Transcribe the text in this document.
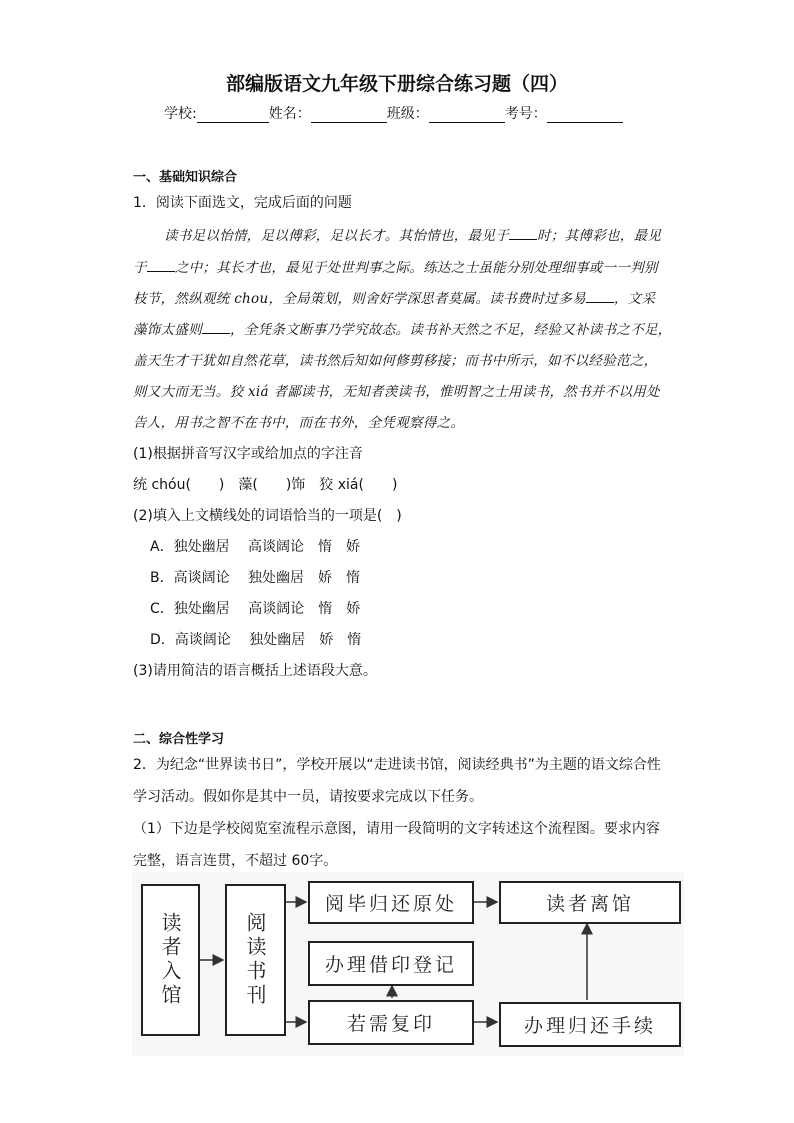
部编版语文九年级下册综合练习题（四）
学校:	姓名：	班级：	考号：
一、基础知识综合
1．阅读下面选文，完成后面的问题
读书足以怡情，足以傅彩，足以长才。其怡情也，最见于 时；其傅彩也，最见
于 之中；其长才也，最见于处世判事之际。练达之士虽能分别处理细事或一一判别
枝节，然纵观统 chou，全局策划，则舍好学深思者莫属。读书费时过多易 ，文采
藻饰太盛则 ，全凭条文断事乃学究故态。读书补天然之不足，经验又补读书之不足，
盖天生才干犹如自然花草，读书然后知如何修剪移接；而书中所示，如不以经验范之，
则又大而无当。狡 xiá 者鄙读书，无知者羡读书，惟明智之士用读书，然书并不以用处
告人，用书之智不在书中，而在书外，全凭观察得之。
(1)根据拼音写汉字或给加点的字注音
统 chóu(　　)　藻(　　)饰　狡 xiá(　　)
(2)填入上文横线处的词语恰当的一项是(　)
A．独处幽居　 高谈阔论　惰　娇
B．高谈阔论　 独处幽居　娇　惰
C．独处幽居　 高谈阔论　惰　娇
D．高谈阔论　 独处幽居　娇　惰
(3)请用简洁的语言概括上述语段大意。
二、综合性学习
2．为纪念“世界读书日”，学校开展以“走进读书馆，阅读经典书”为主题的语文综合性
学习活动。假如你是其中一员，请按要求完成以下任务。
（1）下边是学校阅览室流程示意图，请用一段简明的文字转述这个流程图。要求内容
完整，语言连贯，不超过 60字。
读者入馆	阅读书刊
阅毕归还原处	读者离馆
办理借印登记
若需复印	办理归还手续
